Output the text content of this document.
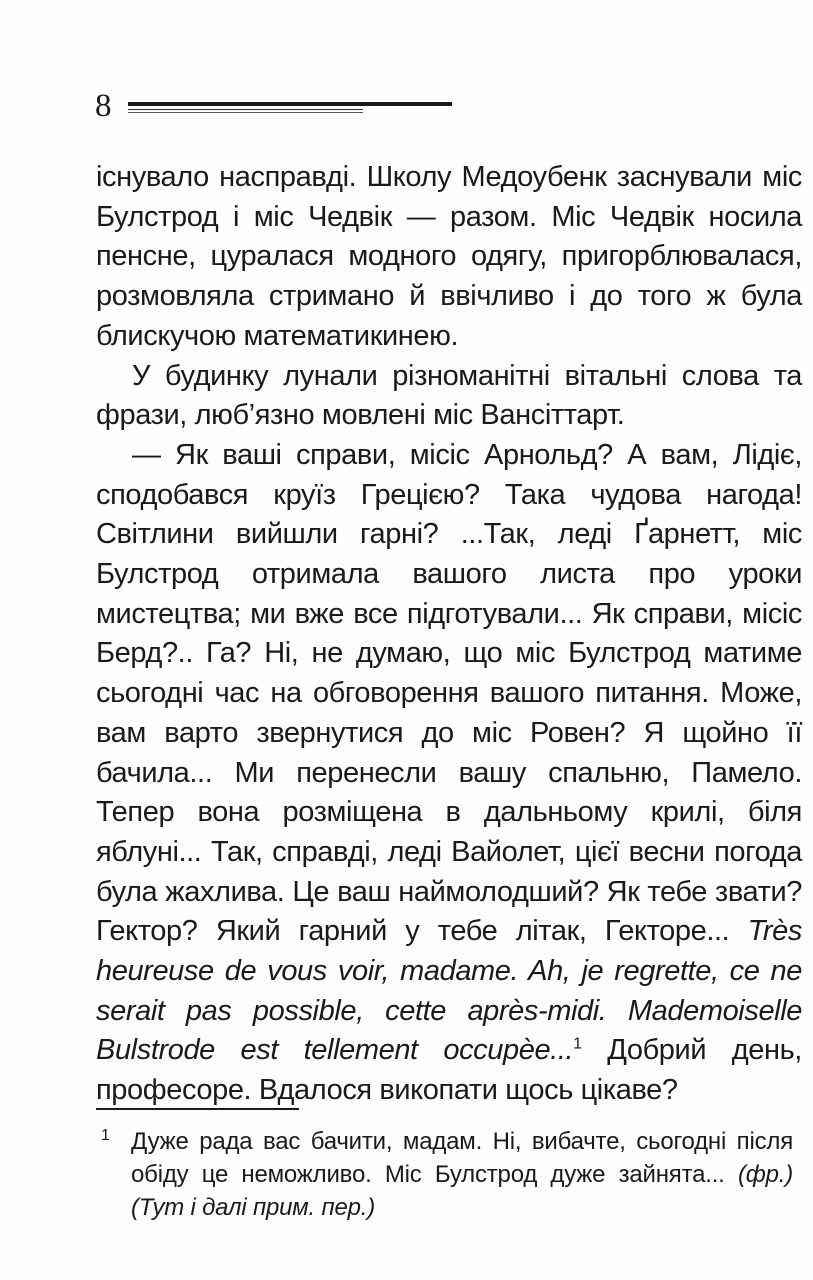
8

існувало насправді. Школу Медоубенк заснували міс Булстрод і міс Чедвік — разом. Міс Чедвік носила пенсне, цуралася модного одягу, пригорблювалася, розмовляла стримано й ввічливо і до того ж була блискучою математикинею.

У будинку лунали різноманітні вітальні слова та фрази, люб’язно мовлені міс Вансіттарт.

— Як ваші справи, місіс Арнольд? А вам, Лідіє, сподобався круїз Грецією? Така чудова нагода! Світлини вийшли гарні? ...Так, леді Ґарнетт, міс Булстрод отримала вашого листа про уроки мистецтва; ми вже все підготували... Як справи, місіс Берд?.. Га? Ні, не думаю, що міс Булстрод матиме сьогодні час на обговорення вашого питання. Може, вам варто звернутися до міс Ровен? Я щойно її бачила... Ми перенесли вашу спальню, Памело. Тепер вона розміщена в дальньому крилі, біля яблуні... Так, справді, леді Вайолет, цієї весни погода була жахлива. Це ваш наймолодший? Як тебе звати? Гектор? Який гарний у тебе літак, Гекторе... Très heureuse de vous voir, madame. Ah, je regrette, ce ne serait pas possible, cette après-midi. Mademoiselle Bulstrode est tellement occupèe...$^1$ Добрий день, професоре. Вдалося викопати щось цікаве?

1 Дуже рада вас бачити, мадам. Ні, вибачте, сьогодні після обіду це неможливо. Міс Булстрод дуже зайнята... (фр.) (Тут і далі прим. пер.)
